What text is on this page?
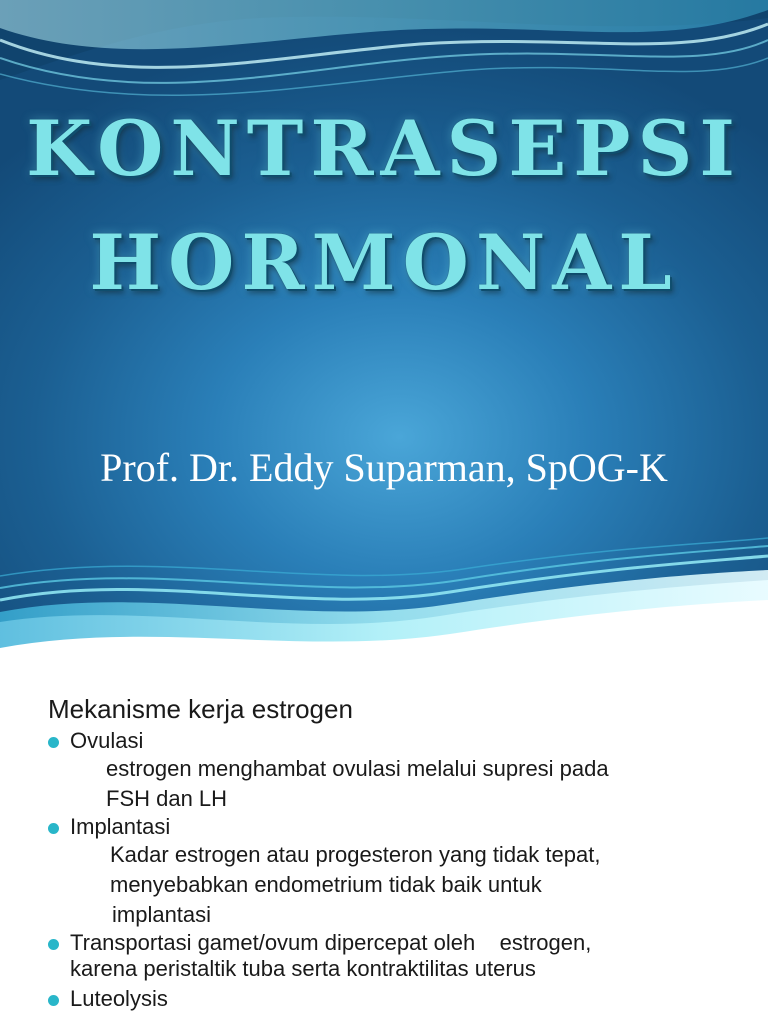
KONTRASEPSI
HORMONAL
Prof. Dr. Eddy Suparman, SpOG-K
Mekanisme kerja estrogen
Ovulasi
estrogen menghambat ovulasi melalui supresi pada
FSH dan LH
Implantasi
Kadar estrogen atau progesteron yang tidak tepat,
menyebabkan endometrium tidak baik untuk
implantasi
Transportasi gamet/ovum dipercepat oleh    estrogen,
karena peristaltik tuba serta kontraktilitas uterus
Luteolysis
